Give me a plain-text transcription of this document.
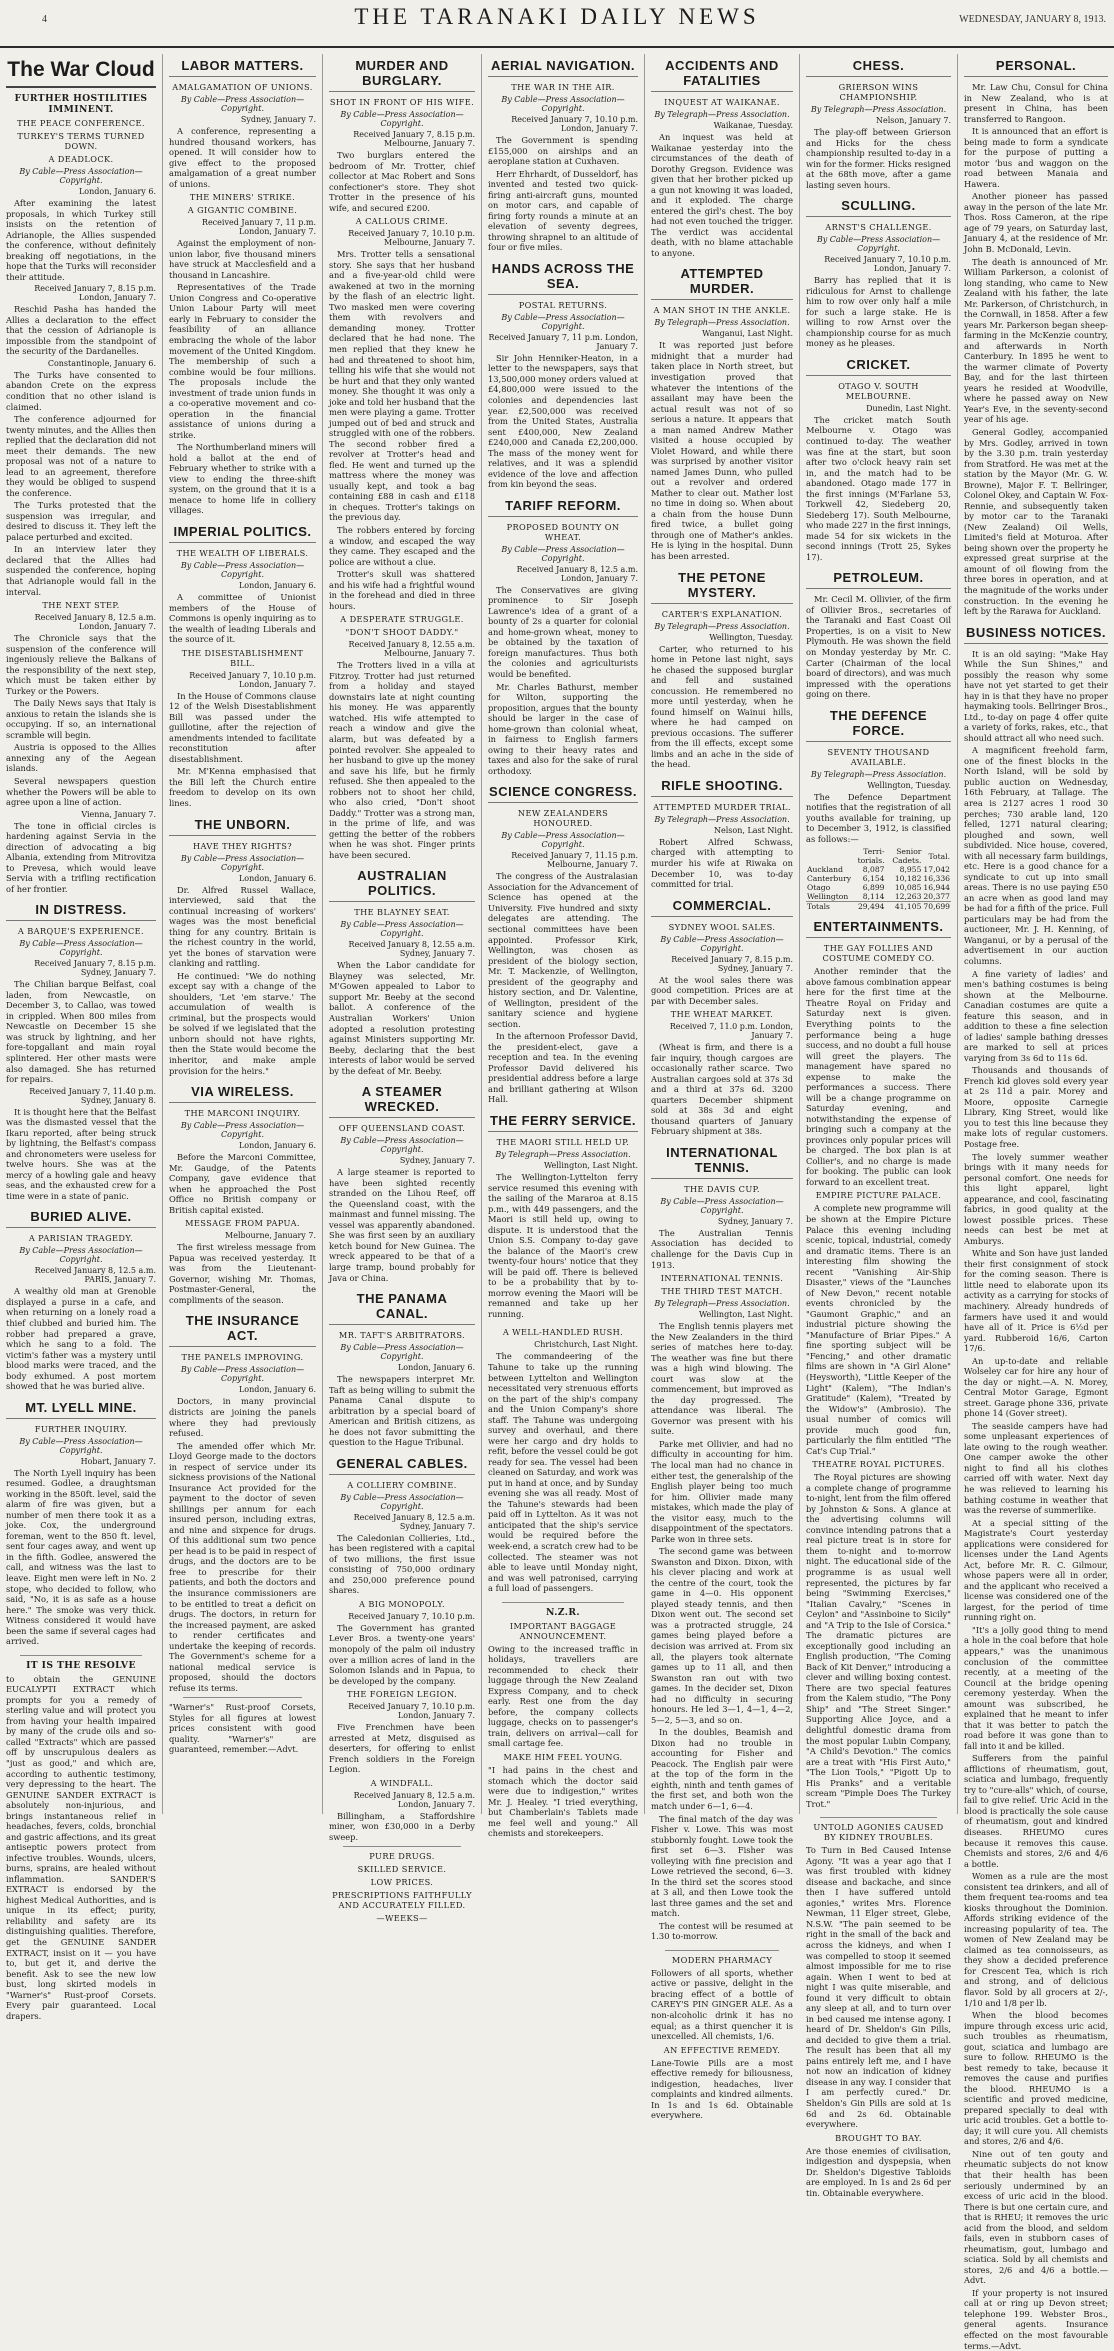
4	THE TARANAKI DAILY NEWS	WEDNESDAY, JANUARY 8, 1913.
The War Cloud
FURTHER HOSTILITIES IMMINENT.
THE PEACE CONFERENCE.
TURKEY'S TERMS TURNED DOWN.
A DEADLOCK.
By Cable—Press Association—Copyright.
London, January 6.

After examining the latest proposals, in which Turkey still insists on the retention of Adrianople, the Allies suspended the conference, without definitely breaking off negotiations, in the hope that the Turks will reconsider their attitude.

Received January 7, 8.15 p.m. London, January 7.

Reschid Pasha has handed the Allies a declaration to the effect that the cession of Adrianople is impossible from the standpoint of the security of the Dardanelles.

Constantinople, January 6.

The Turks have consented to abandon Crete on the express condition that no other island is claimed.

The conference adjourned for twenty minutes, and the Allies then replied that the declaration did not meet their demands. The new proposal was not of a nature to lead to an agreement, therefore they would be obliged to suspend the conference.

The Turks protested that the suspension was irregular, and desired to discuss it. They left the palace perturbed and excited.

In an interview later they declared that the Allies had suspended the conference, hoping that Adrianople would fall in the interval.

THE NEXT STEP.
Received January 8, 12.5 a.m. London, January 7.

The Chronicle says that the suspension of the conference will ingeniously relieve the Balkans of the responsibility of the next step, which must be taken either by Turkey or the Powers.

The Daily News says that Italy is anxious to retain the islands she is occupying. If so, an international scramble will begin.

Austria is opposed to the Allies annexing any of the Aegean islands.

Several newspapers question whether the Powers will be able to agree upon a line of action.

Vienna, January 7.

The tone in official circles is hardening against Servia in the direction of advocating a big Albania, extending from Mitrovitza to Prevesa, which would leave Servia with a trifling rectification of her frontier.

IN DISTRESS.
A BARQUE'S EXPERIENCE.
By Cable—Press Association—Copyright.
Received January 7, 8.15 p.m. Sydney, January 7.

The Chilian barque Belfast, coal laden, from Newcastle, on December 3, to Callao, was towed in crippled. When 800 miles from Newcastle on December 15 she was struck by lightning, and her fore-topgallant and main royal splintered. Her other masts were also damaged. She has returned for repairs.

Received January 7, 11.40 p.m. Sydney, January 8.

It is thought here that the Belfast was the dismasted vessel that the Ikaru reported, after being struck by lightning, the Belfast's compass and chronometers were useless for twelve hours. She was at the mercy of a howling gale and heavy seas, and the exhausted crew for a time were in a state of panic.

BURIED ALIVE.
A PARISIAN TRAGEDY.
By Cable—Press Association—Copyright.
Received January 8, 12.5 a.m. PARIS, January 7.

A wealthy old man at Grenoble displayed a purse in a cafe, and when returning on a lonely road a thief clubbed and buried him. The robber had prepared a grave, which he sang to a fold. The victim's father was a mystery until blood marks were traced, and the body exhumed. A post mortem showed that he was buried alive.

MT. LYELL MINE.
FURTHER INQUIRY.
By Cable—Press Association—Copyright.
Hobart, January 7.

The North Lyell inquiry has been resumed. Godlee, a draughtsman working in the 850ft. level, said the alarm of fire was given, but a number of men there took it as a joke. Cox, the underground foreman, went to the 850 ft. level, sent four cages away, and went up in the fifth. Godlee, answered the call, and witness was the last to leave. Eight men were left in No. 2 stope, who decided to follow, who said, "No, it is as safe as a house here." The smoke was very thick. Witness considered it would have been the same if several cages had arrived.

IT IS THE RESOLVE

to obtain the GENUINE EUCALYPTI EXTRACT which prompts for you a remedy of sterling value and will protect you from having your health impaired by many of the crude oils and so-called "Extracts" which are passed off by unscrupulous dealers as "just as good," and which are, according to authentic testimony, very depressing to the heart. The GENUINE SANDER EXTRACT is absolutely non-injurious, and brings instantaneous relief in headaches, fevers, colds, bronchial and gastric affections, and its great antiseptic powers protect from infective troubles. Wounds, ulcers, burns, sprains, are healed without inflammation. SANDER'S EXTRACT is endorsed by the highest Medical Authorities, and is unique in its effect; purity, reliability and safety are its distinguishing qualities. Therefore, get the GENUINE SANDER EXTRACT, insist on it — you have to, but get it, and derive the benefit. Ask to see the new low bust, long skirted models in "Warner's" Rust-proof Corsets. Every pair guaranteed. Local drapers.

LABOR MATTERS.
AMALGAMATION OF UNIONS.
By Cable—Press Association—Copyright.
Sydney, January 7.

A conference, representing a hundred thousand workers, has opened. It will consider how to give effect to the proposed amalgamation of a great number of unions.

THE MINERS' STRIKE.
A GIGANTIC COMBINE.
Received January 7, 11 p.m. London, January 7.

Against the employment of non-union labor, five thousand miners have struck at Macclesfield and a thousand in Lancashire.

Representatives of the Trade Union Congress and Co-operative Union Labour Party will meet early in February to consider the feasibility of an alliance embracing the whole of the labor movement of the United Kingdom. The membership of such a combine would be four millions. The proposals include the investment of trade union funds in a co-operative movement and co-operation in the financial assistance of unions during a strike.

The Northumberland miners will hold a ballot at the end of February whether to strike with a view to ending the three-shift system, on the ground that it is a menace to home life in colliery villages.

IMPERIAL POLITICS.
THE WEALTH OF LIBERALS.
By Cable—Press Association—Copyright.
London, January 6.

A committee of Unionist members of the House of Commons is openly inquiring as to the wealth of leading Liberals and the source of it.

THE DISESTABLISHMENT BILL.
Received January 7, 10.10 p.m. London, January 7.

In the House of Commons clause 12 of the Welsh Disestablishment Bill was passed under the guillotine, after the rejection of amendments intended to facilitate reconstitution after disestablishment.

Mr. M'Kenna emphasised that the Bill left the Church entire freedom to develop on its own lines.

THE UNBORN.
HAVE THEY RIGHTS?
By Cable—Press Association—Copyright.
London, January 6.

Dr. Alfred Russel Wallace, interviewed, said that the continual increasing of workers' wages was the most beneficial thing for any country. Britain is the richest country in the world, yet the bones of starvation were clanking and rattling.

He continued: "We do nothing except say with a change of the shoulders, 'Let 'em starve.' The accumulation of wealth is criminal, but the prospects would be solved if we legislated that the unborn should not have rights, then the State would become the inheritor, and make ample provision for the heirs."

VIA WIRELESS.
THE MARCONI INQUIRY.
By Cable—Press Association—Copyright.
London, January 6.

Before the Marconi Committee, Mr. Gaudge, of the Patents Company, gave evidence that when he approached the Post Office no British company or British capital existed.

MESSAGE FROM PAPUA.
Melbourne, January 7.

The first wireless message from Papua was received yesterday. It was from the Lieutenant-Governor, wishing Mr. Thomas, Postmaster-General, the compliments of the season.

THE INSURANCE ACT.
THE PANELS IMPROVING.
By Cable—Press Association—Copyright.
London, January 6.

Doctors, in many provincial districts are joining the panels where they had previously refused.

The amended offer which Mr. Lloyd George made to the doctors in respect of service under its sickness provisions of the National Insurance Act provided for the payment to the doctor of seven shillings per annum for each insured person, including extras, and nine and sixpence for drugs. Of this additional sum two pence per head is to be paid in respect of drugs, and the doctors are to be free to prescribe for their patients, and both the doctors and the insurance commissioners are to be entitled to treat a deficit on drugs. The doctors, in return for the increased payment, are asked to render certificates and undertake the keeping of records. The Government's scheme for a national medical service is proposed, should the doctors refuse its terms.

"Warner's" Rust-proof Corsets, Styles for all figures at lowest prices consistent with good quality. "Warner's" are guaranteed, remember.—Advt.

MURDER AND BURGLARY.
SHOT IN FRONT OF HIS WIFE.
By Cable—Press Association—Copyright.
Received January 7, 8.15 p.m. Melbourne, January 7.

Two burglars entered the bedroom of Mr. Trotter, chief collector at Mac Robert and Sons confectioner's store. They shot Trotter in the presence of his wife, and secured £200.

A CALLOUS CRIME.
Received January 7, 10.10 p.m. Melbourne, January 7.

Mrs. Trotter tells a sensational story. She says that her husband and a five-year-old child were awakened at two in the morning by the flash of an electric light. Two masked men were covering them with revolvers and demanding money. Trotter declared that he had none. The men replied that they knew he had and threatened to shoot him, telling his wife that she would not be hurt and that they only wanted money. She thought it was only a joke and told her husband that the men were playing a game. Trotter jumped out of bed and struck and struggled with one of the robbers. The second robber fired a revolver at Trotter's head and fled. He went and turned up the mattress where the money was usually kept, and took a bag containing £88 in cash and £118 in cheques. Trotter's takings on the previous day.

The robbers entered by forcing a window, and escaped the way they came. They escaped and the police are without a clue.

Trotter's skull was shattered and his wife had a frightful wound in the forehead and died in three hours.

A DESPERATE STRUGGLE.
"DON'T SHOOT DADDY."
Received January 8, 12.55 a.m. Melbourne, January 7.

The Trotters lived in a villa at Fitzroy. Trotter had just returned from a holiday and stayed downstairs late at night counting his money. He was apparently watched. His wife attempted to reach a window and give the alarm, but was defeated by a pointed revolver. She appealed to her husband to give up the money and save his life, but he firmly refused. She then appealed to the robbers not to shoot her child, who also cried, "Don't shoot Daddy." Trotter was a strong man, in the prime of life, and was getting the better of the robbers when he was shot. Finger prints have been secured.

AUSTRALIAN POLITICS.
THE BLAYNEY SEAT.
By Cable—Press Association—Copyright.
Received January 8, 12.55 a.m. Sydney, January 7.

When the Labor candidate for Blayney was selected, Mr. M'Gowen appealed to Labor to support Mr. Beeby at the second ballot. A conference of the Australian Workers' Union adopted a resolution protesting against Ministers supporting Mr. Beeby, declaring that the best interests of labor would be served by the defeat of Mr. Beeby.

A STEAMER WRECKED.
OFF QUEENSLAND COAST.
By Cable—Press Association—Copyright.
Sydney, January 7.

A large steamer is reported to have been sighted recently stranded on the Lihou Reef, off the Queensland coast, with the mainmast and funnel missing. The vessel was apparently abandoned. She was first seen by an auxiliary ketch bound for New Guinea. The wreck appeared to be that of a large tramp, bound probably for Java or China.

THE PANAMA CANAL.
MR. TAFT'S ARBITRATORS.
By Cable—Press Association—Copyright.
London, January 6.

The newspapers interpret Mr. Taft as being willing to submit the Panama Canal dispute to arbitration by a special board of American and British citizens, as he does not favor submitting the question to the Hague Tribunal.

GENERAL CABLES.
A COLLIERY COMBINE.
By Cable—Press Association—Copyright.
Received January 8, 12.5 a.m. Sydney, January 7.

The Caledonian Collieries, Ltd., has been registered with a capital of two millions, the first issue consisting of 750,000 ordinary and 250,000 preference pound shares.

A BIG MONOPOLY.
Received January 7, 10.10 p.m.

The Government has granted Lever Bros. a twenty-one years' monopoly of the palm oil industry over a million acres of land in the Solomon Islands and in Papua, to be developed by the company.

THE FOREIGN LEGION.
Received January 7, 10.10 p.m. London, January 7.

Five Frenchmen have been arrested at Metz, disguised as deserters, for offering to enlist French soldiers in the Foreign Legion.

A WINDFALL.
Received January 8, 12.5 a.m. London, January 7.

Billingham, a Staffordshire miner, won £30,000 in a Derby sweep.

PURE DRUGS.
SKILLED SERVICE.
LOW PRICES.
PRESCRIPTIONS FAITHFULLY AND ACCURATELY FILLED.
—WEEKS—
AERIAL NAVIGATION.
THE WAR IN THE AIR.
By Cable—Press Association—Copyright.
Received January 7, 10.10 p.m. London, January 7.

The Government is spending £155,000 on airships and an aeroplane station at Cuxhaven.

Herr Ehrhardt, of Dusseldorf, has invented and tested two quick-firing anti-aircraft guns, mounted on motor cars, and capable of firing forty rounds a minute at an elevation of seventy degrees, throwing shrapnel to an altitude of four or five miles.

HANDS ACROSS THE SEA.
POSTAL RETURNS.
By Cable—Press Association—Copyright.
Received January 7, 11 p.m. London, January 7.

Sir John Henniker-Heaton, in a letter to the newspapers, says that 13,500,000 money orders valued at £4,800,000 were issued to the colonies and dependencies last year. £2,500,000 was received from the United States, Australia sent £400,000, New Zealand £240,000 and Canada £2,200,000. The mass of the money went for relatives, and it was a splendid evidence of the love and affection from kin beyond the seas.

TARIFF REFORM.
PROPOSED BOUNTY ON WHEAT.
By Cable—Press Association—Copyright.
Received January 8, 12.5 a.m. London, January 7.

The Conservatives are giving prominence to Sir Joseph Lawrence's idea of a grant of a bounty of 2s a quarter for colonial and home-grown wheat, money to be obtained by the taxation of foreign manufactures. Thus both the colonies and agriculturists would be benefited.

Mr. Charles Bathurst, member for Wilton, supporting the proposition, argues that the bounty should be larger in the case of home-grown than colonial wheat, in fairness to English farmers owing to their heavy rates and taxes and also for the sake of rural orthodoxy.

SCIENCE CONGRESS.
NEW ZEALANDERS HONOURED.
By Cable—Press Association—Copyright.
Received January 7, 11.15 p.m. Melbourne, January 7.

The congress of the Australasian Association for the Advancement of Science has opened at the University. Five hundred and sixty delegates are attending. The sectional committees have been appointed. Professor Kirk, Wellington, was chosen as president of the biology section, Mr. T. Mackenzie, of Wellington, president of the geography and history section, and Dr. Valentine, of Wellington, president of the sanitary science and hygiene section.

In the afternoon Professor David, the president-elect, gave a reception and tea. In the evening Professor David delivered his presidential address before a large and brilliant gathering at Wilson Hall.

THE FERRY SERVICE.
THE MAORI STILL HELD UP.
By Telegraph—Press Association.
Wellington, Last Night.

The Wellington-Lyttelton ferry service resumed this evening with the sailing of the Mararoa at 8.15 p.m., with 449 passengers, and the Maori is still held up, owing to dispute. It is understood that the Union S.S. Company to-day gave the balance of the Maori's crew twenty-four hours' notice that they will be paid off. There is believed to be a probability that by to-morrow evening the Maori will be remanned and take up her running.

A WELL-HANDLED RUSH.
Christchurch, Last Night.

The commandeering of the Tahune to take up the running between Lyttelton and Wellington necessitated very strenuous efforts on the part of the ship's company and the Union Company's shore staff. The Tahune was undergoing survey and overhaul, and there were her cargo and dry holds to refit, before the vessel could be got ready for sea. The vessel had been cleaned on Saturday, and work was put in hand at once, and by Sunday evening she was all ready. Most of the Tahune's stewards had been paid off in Lyttelton. As it was not anticipated that the ship's service would be required before the week-end, a scratch crew had to be collected. The steamer was not able to leave until Monday night, and was well patronised, carrying a full load of passengers.

N.Z.R.
IMPORTANT BAGGAGE ANNOUNCEMENT.

Owing to the increased traffic in holidays, travellers are recommended to check their luggage through the New Zealand Express Company, and to check early. Rest one from the day before, the company collects luggage, checks on to passenger's train, delivers on arrival—call for small cartage fee.

MAKE HIM FEEL YOUNG.

"I had pains in the chest and stomach which the doctor said were due to indigestion," writes Mr. J. Healey. "I tried everything, but Chamberlain's Tablets made me feel well and young." All chemists and storekeepers.

ACCIDENTS AND FATALITIES
INQUEST AT WAIKANAE.
By Telegraph—Press Association.
Waikanae, Tuesday.

An inquest was held at Waikanae yesterday into the circumstances of the death of Dorothy Gregson. Evidence was given that her brother picked up a gun not knowing it was loaded, and it exploded. The charge entered the girl's chest. The boy had not even touched the trigger. The verdict was accidental death, with no blame attachable to anyone.

ATTEMPTED MURDER.
A MAN SHOT IN THE ANKLE.
By Telegraph—Press Association.
Wanganui, Last Night.

It was reported just before midnight that a murder had taken place in North street, but investigation proved that whatever the intentions of the assailant may have been the actual result was not of so serious a nature. It appears that a man named Andrew Mather visited a house occupied by Violet Howard, and while there was surprised by another visitor named James Dunn, who pulled out a revolver and ordered Mather to clear out. Mather lost no time in doing so. When about a chain from the house Dunn fired twice, a bullet going through one of Mather's ankles. He is lying in the hospital. Dunn has been arrested.

THE PETONE MYSTERY.
CARTER'S EXPLANATION.
By Telegraph—Press Association.
Wellington, Tuesday.

Carter, who returned to his home in Petone last night, says he chased the supposed burglar and fell and sustained concussion. He remembered no more until yesterday, when he found himself on Wainui hills, where he had camped on previous occasions. The sufferer from the ill effects, except some limbs and an ache in the side of the head.

RIFLE SHOOTING.
ATTEMPTED MURDER TRIAL.
By Telegraph—Press Association.
Nelson, Last Night.

Robert Alfred Schwass, charged with attempting to murder his wife at Riwaka on December 10, was to-day committed for trial.

COMMERCIAL.
SYDNEY WOOL SALES.
By Cable—Press Association—Copyright.
Received January 7, 8.15 p.m. Sydney, January 7.

At the wool sales there was good competition. Prices are at par with December sales.

THE WHEAT MARKET.
Received 7, 11.0 p.m. London, January 7.

(Wheat is firm, and there is a fair inquiry, though cargoes are occasionally rather scarce. Two Australian cargoes sold at 37s 3d and a third at 37s 6d. 3200 quarters December shipment sold at 38s 3d and eight thousand quarters of January February shipment at 38s.

INTERNATIONAL TENNIS.
THE DAVIS CUP.
By Cable—Press Association—Copyright.
Sydney, January 7.

The Australian Tennis Association has decided to challenge for the Davis Cup in 1913.

INTERNATIONAL TENNIS.
THE THIRD TEST MATCH.
By Telegraph—Press Association.
Wellington, Last Night.

The English tennis players met the New Zealanders in the third series of matches here to-day. The weather was fine but there was a high wind blowing. The court was slow at the commencement, but improved as the day progressed. The attendance was liberal. The Governor was present with his suite.

Parke met Ollivier, and had no difficulty in accounting for him. The local man had no chance in either test, the generalship of the English player being too much for him. Ollivier made many mistakes, which made the play of the visitor easy, much to the disappointment of the spectators. Parke won in three sets.

The second game was between Swanston and Dixon. Dixon, with his clever placing and work at the centre of the court, took the game in 4—0. His opponent played steady tennis, and then Dixon went out. The second set was a protracted struggle, 24 games being played before a decision was arrived at. From six all, the players took alternate games up to 11 all, and then Swanston ran out with two games. In the decider set, Dixon had no difficulty in securing honours. He led 3—1, 4—1, 4—2, 5—2, 5—3, and so on.

In the doubles, Beamish and Dixon had no trouble in accounting for Fisher and Peacock. The English pair were at the top of the form in the eighth, ninth and tenth games of the first set, and both won the match under 6—1, 6—4.

The final match of the day was Fisher v. Lowe. This was most stubbornly fought. Lowe took the first set 6—3. Fisher was volleying with fine precision and Lowe retrieved the second, 6—3. In the third set the scores stood at 3 all, and then Lowe took the last three games and the set and match.

The contest will be resumed at 1.30 to-morrow.

MODERN PHARMACY

Followers of all sports, whether active or passive, delight in the bracing effect of a bottle of CAREY'S PIN GINGER ALE. As a non-alcoholic drink it has no equal; as a thirst quencher it is unexcelled. All chemists, 1/6.

AN EFFECTIVE REMEDY.

Lane-Towie Pills are a most effective remedy for biliousness, indigestion, headaches, liver complaints and kindred ailments. In 1s and 1s 6d. Obtainable everywhere.

CHESS.
GRIERSON WINS CHAMPIONSHIP.
By Telegraph—Press Association.
Nelson, January 7.

The play-off between Grierson and Hicks for the chess championship resulted to-day in a win for the former. Hicks resigned at the 68th move, after a game lasting seven hours.

SCULLING.
ARNST'S CHALLENGE.
By Cable—Press Association—Copyright.
Received January 7, 10.10 p.m. London, January 7.

Barry has replied that it is ridiculous for Arnst to challenge him to row over only half a mile for such a large stake. He is willing to row Arnst over the championship course for as much money as he pleases.

CRICKET.
OTAGO V. SOUTH MELBOURNE.
Dunedin, Last Night.

The cricket match South Melbourne v. Otago was continued to-day. The weather was fine at the start, but soon after two o'clock heavy rain set in, and the match had to be abandoned. Otago made 177 in the first innings (M'Farlane 53, Torkwell 42, Siedeberg 20, Siedeberg 17). South Melbourne, who made 227 in the first innings, made 54 for six wickets in the second innings (Trott 25, Sykes 17).

PETROLEUM.

Mr. Cecil M. Ollivier, of the firm of Ollivier Bros., secretaries of the Taranaki and East Coast Oil Properties, is on a visit to New Plymouth. He was shown the field on Monday yesterday by Mr. C. Carter (Chairman of the local board of directors), and was much impressed with the operations going on there.

THE DEFENCE FORCE.
SEVENTY THOUSAND AVAILABLE.
By Telegraph—Press Association.
Wellington, Tuesday.

The Defence Department notifies that the registration of all youths available for training, up to December 3, 1912, is classified as follows:—

	Terri-torials.	Senior Cadets.	Total.
Auckland	8,087	8,955	17,042
Canterbury	6,154	10,182	16,336
Otago	6,899	10,085	16,944
Wellington	8,114	12,263	20,377
Totals	29,494	41,105	70,699
ENTERTAINMENTS.
THE GAY FOLLIES AND COSTUME COMEDY CO.

Another reminder that the above famous combination appear here for the first time at the Theatre Royal on Friday and Saturday next is given. Everything points to the performance being a huge success, and no doubt a full house will greet the players. The management have spared no expense to make the performances a success. There will be a change programme on Saturday evening, and notwithstanding the expense of bringing such a company at the provinces only popular prices will be charged. The box plan is at Collier's, and no charge is made for booking. The public can look forward to an excellent treat.

EMPIRE PICTURE PALACE.

A complete new programme will be shown at the Empire Picture Palace this evening including scenic, topical, industrial, comedy and dramatic items. There is an interesting film showing the recent "Vanishing Air-Ship Disaster," views of the "Launches of New Devon," recent notable events chronicled by the "Gaumont Graphic," and an industrial picture showing the "Manufacture of Briar Pipes." A fine sporting subject will be "Fencing," and other dramatic films are shown in "A Girl Alone" (Heysworth), "Little Keeper of the Light" (Kalem), "The Indian's Gratitude" (Kalem), "Treated by the Widow's" (Ambrosio). The usual number of comics will provide much good fun, particularly the film entitled "The Cat's Cup Trial."

THEATRE ROYAL PICTURES.

The Royal pictures are showing a complete change of programme to-night, lent from the film offered by Johnston & Sons. A glance at the advertising columns will convince intending patrons that a real picture treat is in store for them to-night and to-morrow night. The educational side of the programme is as usual well represented, the pictures by far being "Swimming Exercises," "Italian Cavalry," "Scenes in Ceylon" and "Assinboine to Sicily" and "A Trip to the Isle of Corsica." The dramatic pictures are exceptionally good including an English production, "The Coming Back of Kit Denver," introducing a clever and willing boxing contest. There are two special features from the Kalem studio, "The Pony Ship" and "The Street Singer." Supporting Alice Joyce, and a delightful domestic drama from the most popular Lubin Company, "A Child's Devotion." The comics are a treat with "His First Auto," "The Lion Tools," "Pigott Up to His Pranks" and a veritable scream "Pimple Does The Turkey Trot."

UNTOLD AGONIES CAUSED BY KIDNEY TROUBLES.

To Turn in Bed Caused Intense Agony. "It was a year ago that I was first troubled with kidney disease and backache, and since then I have suffered untold agonies," writes Mrs. Florence Newman, 11 Elger street, Glebe, N.S.W. "The pain seemed to be right in the small of the back and across the kidneys, and when I was compelled to stoop it seemed almost impossible for me to rise again. When I went to bed at night I was quite miserable, and found it very difficult to obtain any sleep at all, and to turn over in bed caused me intense agony. I heard of Dr. Sheldon's Gin Pills, and decided to give them a trial. The result has been that all my pains entirely left me, and I have not now an indication of kidney disease in any way. I consider that I am perfectly cured." Dr. Sheldon's Gin Pills are sold at 1s 6d and 2s 6d. Obtainable everywhere.

BROUGHT TO BAY.

Are those enemies of civilisation, indigestion and dyspepsia, when Dr. Sheldon's Digestive Tabloids are employed. In 1s and 2s 6d per tin. Obtainable everywhere.

PERSONAL.

Mr. Law Chu, Consul for China in New Zealand, who is at present in China, has been transferred to Rangoon.

It is announced that an effort is being made to form a syndicate for the purpose of putting a motor 'bus and waggon on the road between Manaia and Hawera.

Another pioneer has passed away in the person of the late Mr. Thos. Ross Cameron, at the ripe age of 79 years, on Saturday last, January 4, at the residence of Mr. John B. McDonald, Levin.

The death is announced of Mr. William Parkerson, a colonist of long standing, who came to New Zealand with his father, the late Mr. Parkerson, of Christchurch, in the Cornwall, in 1858. After a few years Mr. Parkerson began sheep-farming in the McKenzie country, and afterwards in North Canterbury. In 1895 he went to the warmer climate of Poverty Bay, and for the last thirteen years he resided at Woodville, where he passed away on New Year's Eve, in the seventy-second year of his age.

General Godley, accompanied by Mrs. Godley, arrived in town by the 3.30 p.m. train yesterday from Stratford. He was met at the station by the Mayor (Mr. G. W. Browne), Major F. T. Bellringer, Colonel Okey, and Captain W. Fox-Rennie, and subsequently taken by motor car to the Taranaki (New Zealand) Oil Wells, Limited's field at Moturoa. After being shown over the property he expressed great surprise at the amount of oil flowing from the three bores in operation, and at the magnitude of the works under construction. In the evening he left by the Rarawa for Auckland.

BUSINESS NOTICES.

It is an old saying: "Make Hay While the Sun Shines," and possibly the reason why some have not yet started to get their hay in is that they have no proper haymaking tools. Bellringer Bros., Ltd., to-day on page 4 offer quite a variety of forks, rakes, etc., that should attract all who need such.

A magnificent freehold farm, one of the finest blocks in the North Island, will be sold by public auction on Wednesday, 16th February, at Tallage. The area is 2127 acres 1 rood 30 perches; 730 arable land, 120 felled, 1271 natural clearing; ploughed and sown, well subdivided. Nice house, covered, with all necessary farm buildings, etc. Here is a good chance for a syndicate to cut up into small areas. There is no use paying £50 an acre when as good land may be had for a fifth of the price. Full particulars may be had from the auctioneer, Mr. J. H. Kenning, of Wanganui, or by a perusal of the advertisement in our auction columns.

A fine variety of ladies' and men's bathing costumes is being shown at the Melbourne. Canadian costumes are quite a feature this season, and in addition to these a fine selection of ladies' sample bathing dresses are marked to sell at prices varying from 3s 6d to 11s 6d.

Thousands and thousands of French kid gloves sold every year at 2s 11d a pair. Morey and Moore, opposite Carnegie Library, King Street, would like you to test this line because they make lots of regular customers. Postage free.

The lovely summer weather brings with it many needs for personal comfort. One needs for this light apparel, light appearance, and cool, fascinating fabrics, in good quality at the lowest possible prices. These needs can best be met at Amburys.

White and Son have just landed their first consignment of stock for the coming season. There is little need to elaborate upon its activity as a carrying for stocks of machinery. Already hundreds of farmers have used it and would have all of it. Price is 6½d per yard. Rubberoid 16/6, Carton 17/6.

An up-to-date and reliable Wolseley car for hire any hour of the day or night.—A. N. Morey, Central Motor Garage, Egmont street. Garage phone 336, private phone 14 (Gover street).

The seaside campers have had some unpleasant experiences of late owing to the rough weather. One camper awoke the other night to find all his clothes carried off with water. Next day he was relieved to learning his bathing costume in weather that was the reverse of summerlike.

At a special sitting of the Magistrate's Court yesterday applications were considered for licenses under the Land Agents Act, before Mr. R. C. Gilmour, whose papers were all in order, and the applicant who received a license was considered one of the largest, for the period of time running right on.

"It's a jolly good thing to mend a hole in the coal before that hole appears," was the unanimous conclusion of the committee recently, at a meeting of the Council at the bridge opening ceremony yesterday. When the amount was subscribed, he explained that he meant to infer that it was better to patch the road before it was gone than to fall into it and be killed.

Sufferers from the painful afflictions of rheumatism, gout, sciatica and lumbago, frequently try to "cure-alls" which, of course, fail to give relief. Uric Acid in the blood is practically the sole cause of rheumatism, gout and kindred diseases. RHEUMO cures because it removes this cause. Chemists and stores, 2/6 and 4/6 a bottle.

Women as a rule are the most consistent tea drinkers, and all of them frequent tea-rooms and tea kiosks throughout the Dominion. Affords striking evidence of the increasing popularity of tea. The women of New Zealand may be claimed as tea connoisseurs, as they show a decided preference for Crescent Tea, which is rich and strong, and of delicious flavor. Sold by all grocers at 2/-, 1/10 and 1/8 per lb.

When the blood becomes impure through excess uric acid, such troubles as rheumatism, gout, sciatica and lumbago are sure to follow. RHEUMO is the best remedy to take, because it removes the cause and purifies the blood. RHEUMO is a scientific and proved medicine, prepared specially to deal with uric acid troubles. Get a bottle to-day; it will cure you. All chemists and stores, 2/6 and 4/6.

Nine out of ten gouty and rheumatic subjects do not know that their health has been seriously undermined by an excess of uric acid in the blood. There is but one certain cure, and that is RHEU; it removes the uric acid from the blood, and seldom fails, even in stubborn cases of rheumatism, gout, lumbago and sciatica. Sold by all chemists and stores, 2/6 and 4/6 a bottle.—Advt.

If your property is not insured call at or ring up Devon street; telephone 199. Webster Bros., general agents. Insurance effected on the most favourable terms.—Advt.
